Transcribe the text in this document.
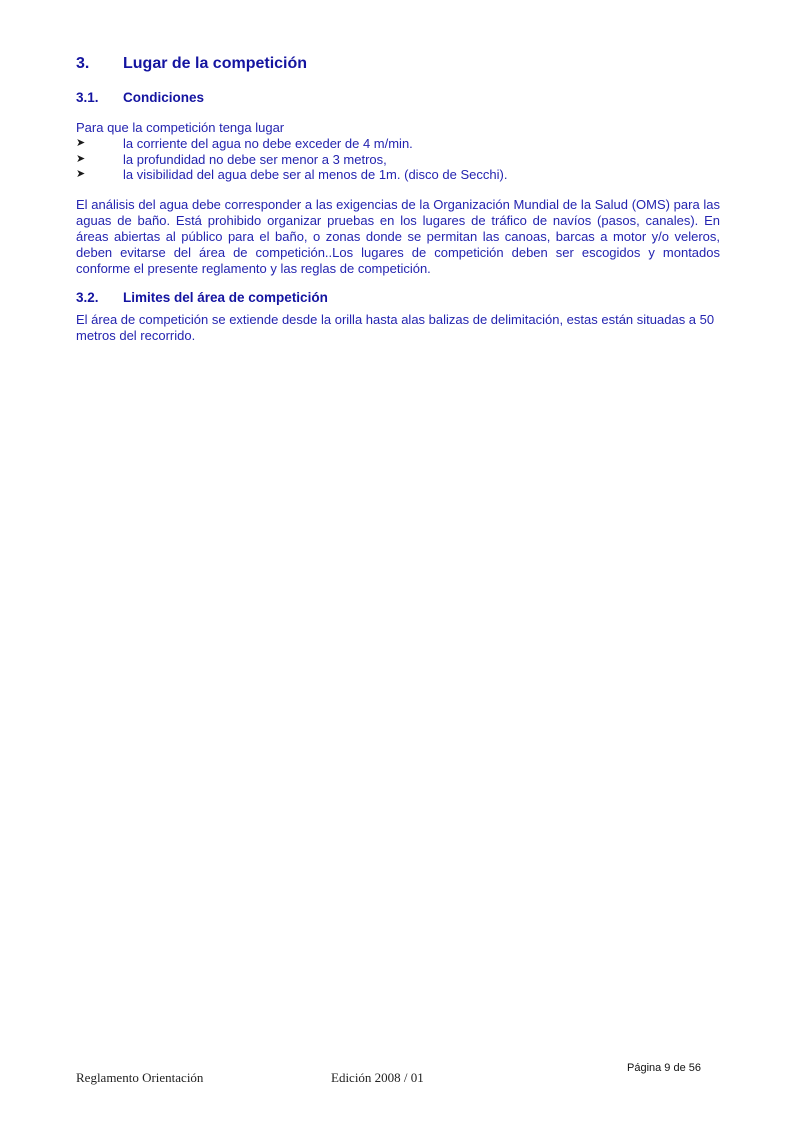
3. Lugar de la competición
3.1. Condiciones
Para que la competición tenga lugar
➤	la corriente del agua no debe exceder de 4 m/min.
➤	la profundidad no debe ser menor a 3 metros,
➤	la visibilidad del agua debe ser al menos de 1m. (disco de Secchi).
El análisis del agua debe corresponder a las exigencias de la Organización Mundial de la Salud (OMS) para las aguas de baño. Está prohibido organizar pruebas en los lugares de tráfico de navíos (pasos, canales). En áreas abiertas al público para el baño, o zonas donde se permitan las canoas, barcas a motor y/o veleros, deben evitarse del área de competición..Los lugares de competición deben ser escogidos y montados conforme el presente reglamento y las reglas de competición.
3.2. Limites del área de competición
El área de competición se extiende desde la orilla hasta alas balizas de delimitación, estas están situadas a 50 metros del recorrido.
Página 9 de 56
Reglamento Orientación	Edición 2008 / 01
